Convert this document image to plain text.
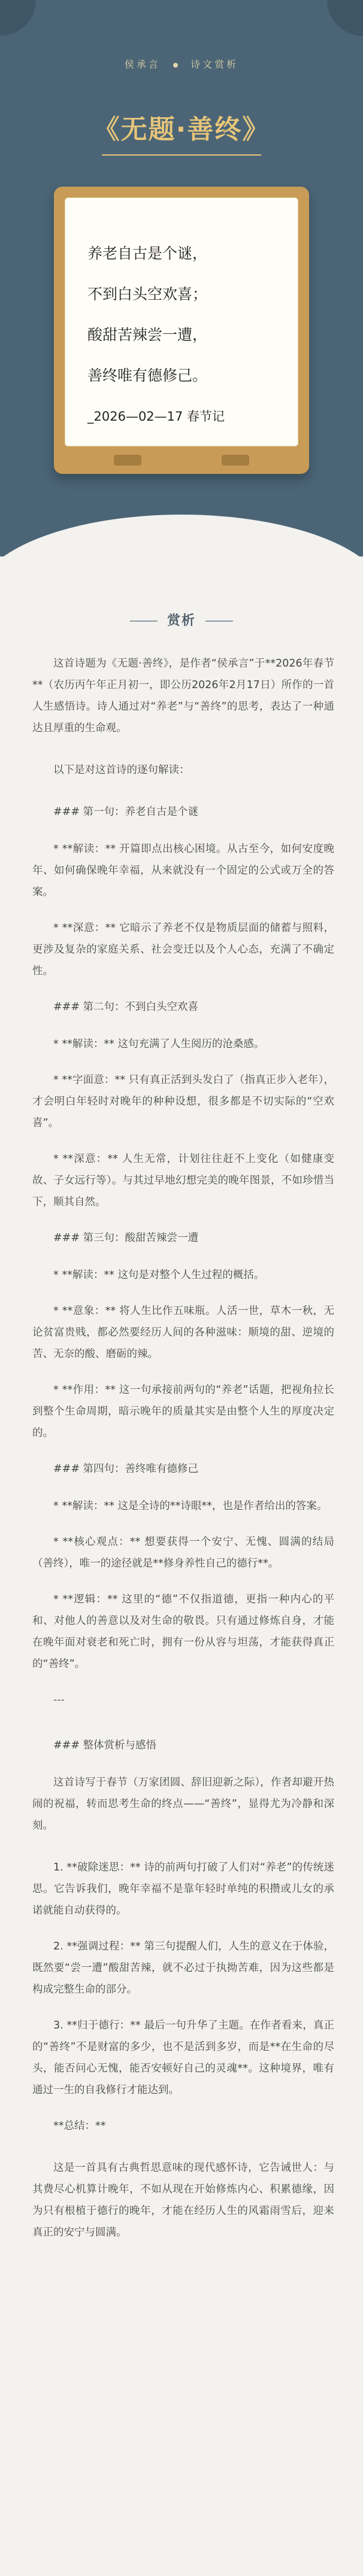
侯承言	诗文赏析
《无题·善终》
养老自古是个谜，
不到白头空欢喜；
酸甜苦辣尝一遭，
善终唯有德修己。
_2026—02—17 春节记
赏析

这首诗题为《无题·善终》，是作者“侯承言”于**2026年春节**（农历丙午年正月初一，即公历2026年2月17日）所作的一首人生感悟诗。诗人通过对“养老”与“善终”的思考，表达了一种通达且厚重的生命观。

以下是对这首诗的逐句解读：

### 第一句：养老自古是个谜

* **解读：** 开篇即点出核心困境。从古至今，如何安度晚年、如何确保晚年幸福，从来就没有一个固定的公式或万全的答案。

* **深意：** 它暗示了养老不仅是物质层面的储蓄与照料，更涉及复杂的家庭关系、社会变迁以及个人心态，充满了不确定性。

### 第二句：不到白头空欢喜

* **解读：** 这句充满了人生阅历的沧桑感。

* **字面意：** 只有真正活到头发白了（指真正步入老年），才会明白年轻时对晚年的种种设想，很多都是不切实际的“空欢喜”。

* **深意：** 人生无常，计划往往赶不上变化（如健康变故、子女远行等）。与其过早地幻想完美的晚年图景，不如珍惜当下，顺其自然。

### 第三句：酸甜苦辣尝一遭

* **解读：** 这句是对整个人生过程的概括。

* **意象：** 将人生比作五味瓶。人活一世，草木一秋，无论贫富贵贱，都必然要经历人间的各种滋味：顺境的甜、逆境的苦、无奈的酸、磨砺的辣。

* **作用：** 这一句承接前两句的“养老”话题，把视角拉长到整个生命周期，暗示晚年的质量其实是由整个人生的厚度决定的。

### 第四句：善终唯有德修己

* **解读：** 这是全诗的**诗眼**，也是作者给出的答案。

* **核心观点：** 想要获得一个安宁、无愧、圆满的结局（善终），唯一的途径就是**修身养性自己的德行**。

* **逻辑：** 这里的“德”不仅指道德，更指一种内心的平和、对他人的善意以及对生命的敬畏。只有通过修炼自身，才能在晚年面对衰老和死亡时，拥有一份从容与坦荡，才能获得真正的“善终”。

---

### 整体赏析与感悟

这首诗写于春节（万家团圆、辞旧迎新之际），作者却避开热闹的祝福，转而思考生命的终点——“善终”，显得尤为冷静和深刻。

1. **破除迷思：** 诗的前两句打破了人们对“养老”的传统迷思。它告诉我们，晚年幸福不是靠年轻时单纯的积攒或儿女的承诺就能自动获得的。

2. **强调过程：** 第三句提醒人们，人生的意义在于体验，既然要“尝一遭”酸甜苦辣，就不必过于执拗苦难，因为这些都是构成完整生命的部分。

3. **归于德行：** 最后一句升华了主题。在作者看来，真正的“善终”不是财富的多少，也不是活到多岁，而是**在生命的尽头，能否问心无愧，能否安顿好自己的灵魂**。这种境界，唯有通过一生的自我修行才能达到。

**总结：**

这是一首具有古典哲思意味的现代感怀诗，它告诫世人：与其费尽心机算计晚年，不如从现在开始修炼内心、积累德缘，因为只有根植于德行的晚年，才能在经历人生的风霜雨雪后，迎来真正的安宁与圆满。
